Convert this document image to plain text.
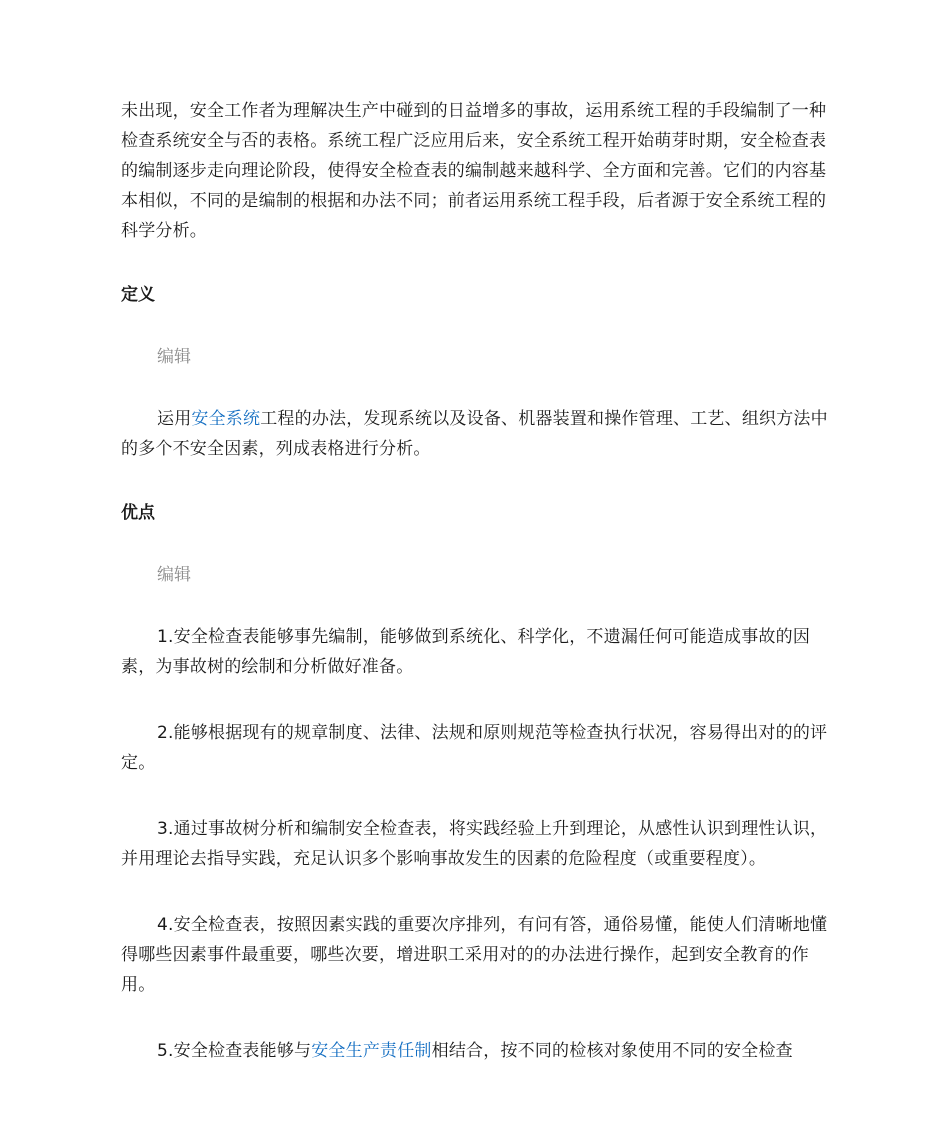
未出现，安全工作者为理解决生产中碰到的日益增多的事故，运用系统工程的手段编制了一种检查系统安全与否的表格。系统工程广泛应用后来，安全系统工程开始萌芽时期，安全检查表的编制逐步走向理论阶段，使得安全检查表的编制越来越科学、全方面和完善。它们的内容基本相似，不同的是编制的根据和办法不同；前者运用系统工程手段，后者源于安全系统工程的科学分析。

定义

编辑

运用安全系统工程的办法，发现系统以及设备、机器装置和操作管理、工艺、组织方法中的多个不安全因素，列成表格进行分析。

优点

编辑

1.安全检查表能够事先编制，能够做到系统化、科学化，不遗漏任何可能造成事故的因素，为事故树的绘制和分析做好准备。

2.能够根据现有的规章制度、法律、法规和原则规范等检查执行状况，容易得出对的的评定。

3.通过事故树分析和编制安全检查表，将实践经验上升到理论，从感性认识到理性认识，并用理论去指导实践，充足认识多个影响事故发生的因素的危险程度（或重要程度）。

4.安全检查表，按照因素实践的重要次序排列，有问有答，通俗易懂，能使人们清晰地懂得哪些因素事件最重要，哪些次要，增进职工采用对的的办法进行操作，起到安全教育的作用。

5.安全检查表能够与安全生产责任制相结合，按不同的检核对象使用不同的安全检查
